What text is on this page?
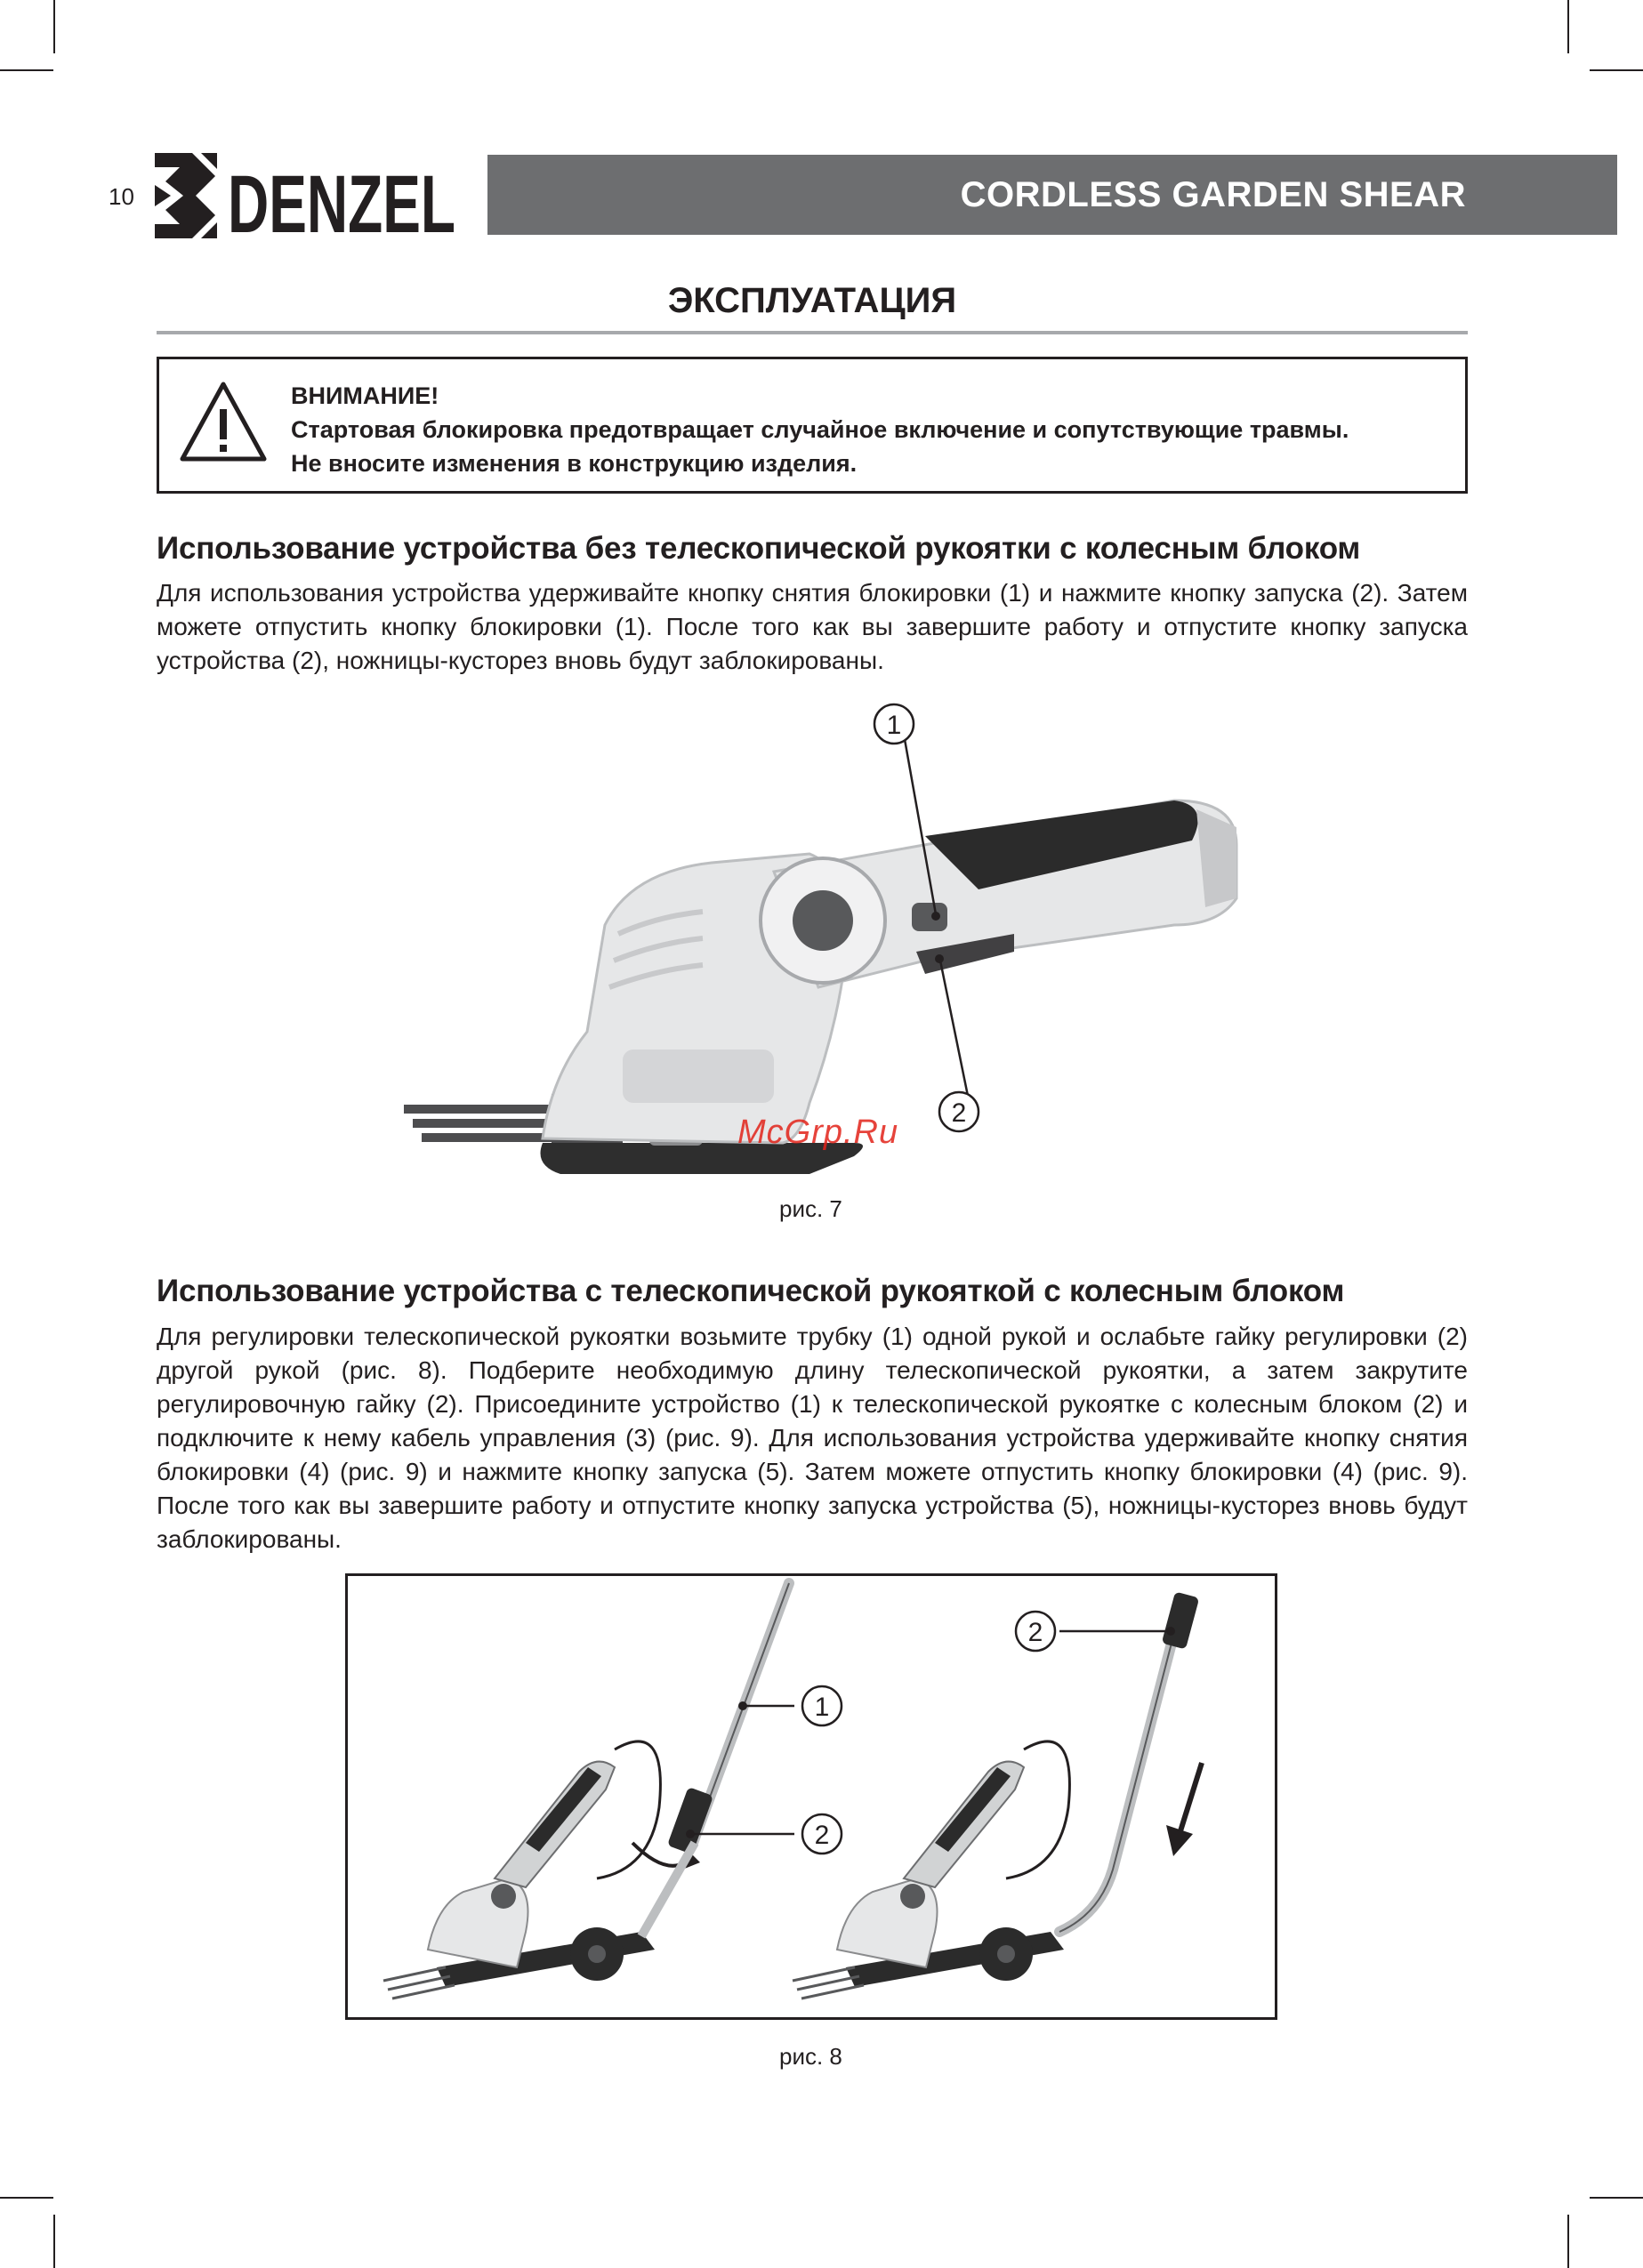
10 DENZEL	CORDLESS GARDEN SHEAR
ЭКСПЛУАТАЦИЯ
ВНИМАНИЕ!
Стартовая блокировка предотвращает случайное включение и сопутствующие травмы.
Не вносите изменения в конструкцию изделия.
Использование устройства без телескопической рукоятки с колесным блоком

Для использования устройства удерживайте кнопку снятия блокировки (1) и нажмите кнопку запуска (2). Затем можете отпустить кнопку блокировки (1). После того как вы завершите работу и отпустите кнопку запуска устройства (2), ножницы-кусторез вновь будут заблокированы.

1
2
McGrp.Ru
рис. 7
Использование устройства с телескопической рукояткой с колесным блоком

Для регулировки телескопической рукоятки возьмите трубку (1) одной рукой и ослабьте гайку регулировки (2) другой рукой (рис. 8). Подберите необходимую длину телескопической рукоятки, а затем закрутите регулировочную гайку (2). Присоедините устройство (1) к телескопической рукоятке с колесным блоком (2) и подключите к нему кабель управления (3) (рис. 9). Для использования устройства удерживайте кнопку снятия блокировки (4) (рис. 9) и нажмите кнопку запуска (5). Затем можете отпустить кнопку блокировки (4) (рис. 9). После того как вы завершите работу и отпустите кнопку запуска устройства (5), ножницы-кусторез вновь будут заблокированы.

1
2
2
рис. 8
